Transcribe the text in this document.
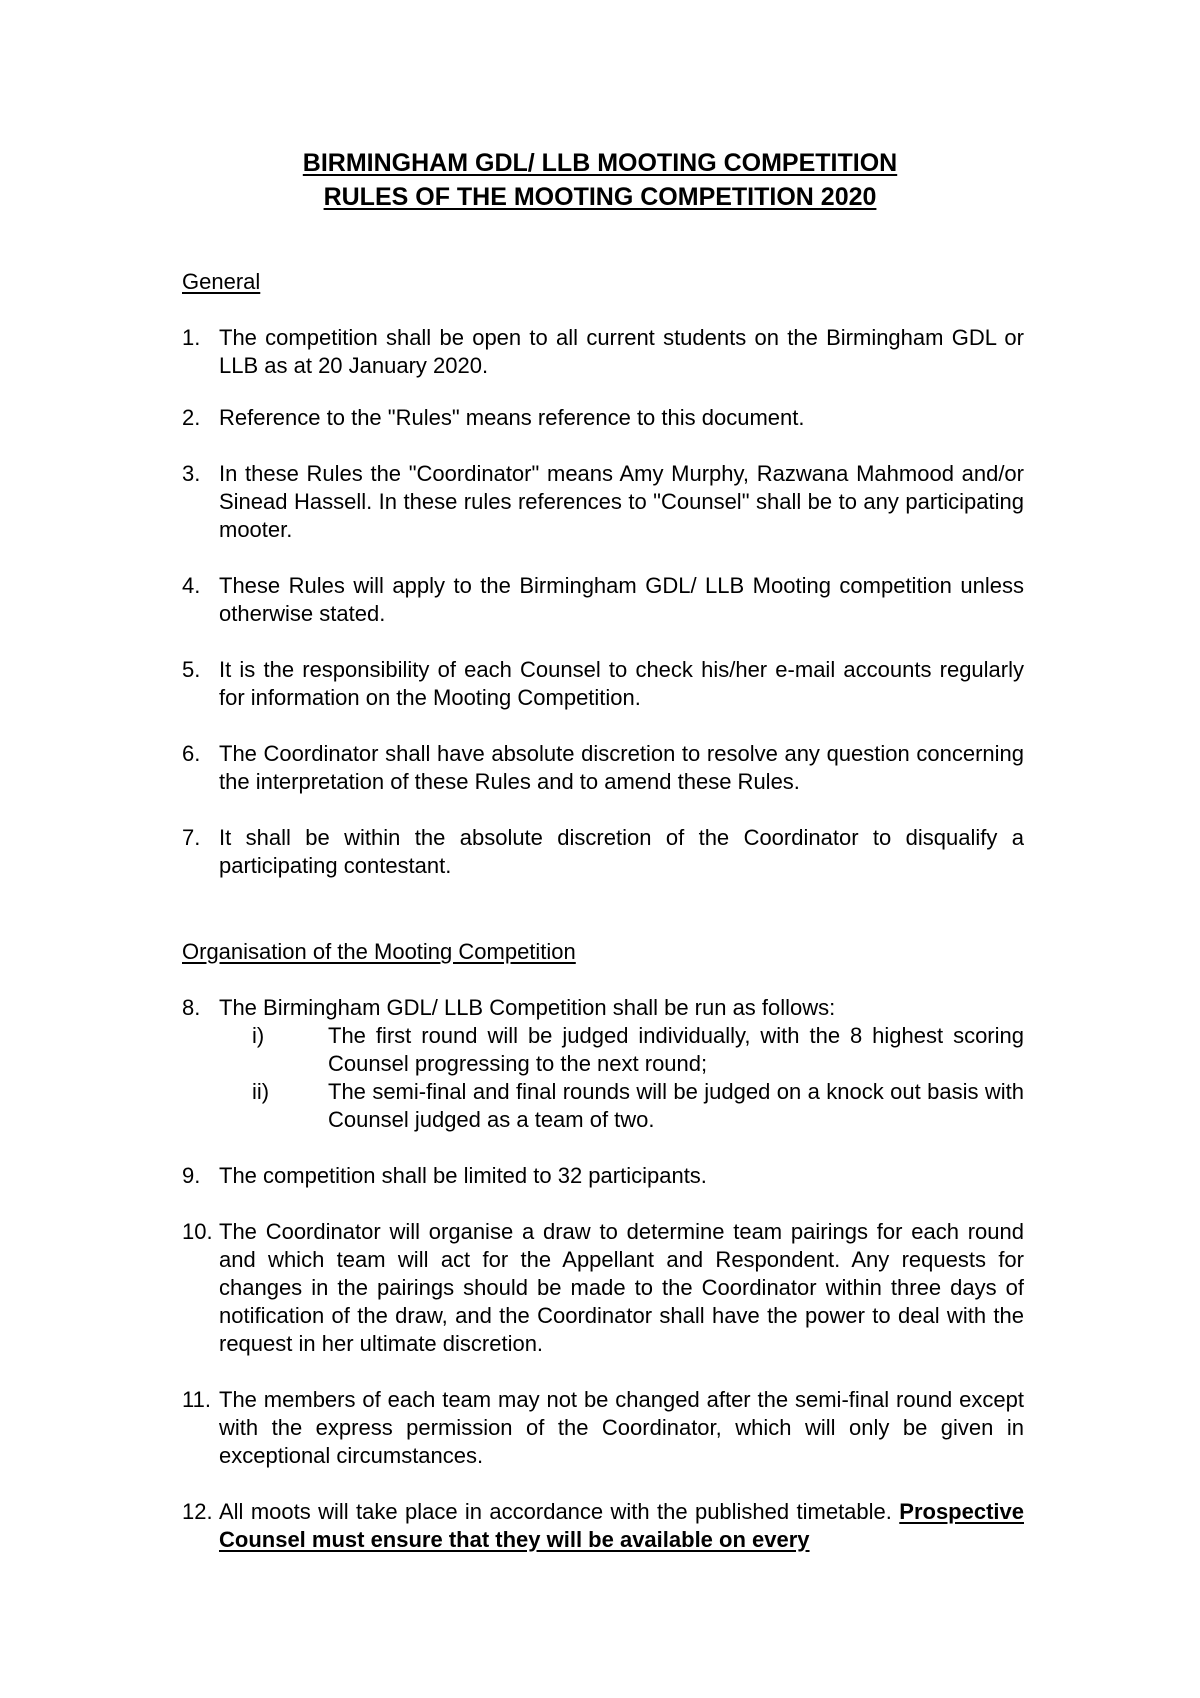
BIRMINGHAM GDL/ LLB MOOTING COMPETITION
RULES OF THE MOOTING COMPETITION 2020
General
1. The competition shall be open to all current students on the Birmingham GDL or LLB as at 20 January 2020.
2. Reference to the "Rules" means reference to this document.
3. In these Rules the "Coordinator" means Amy Murphy, Razwana Mahmood and/or Sinead Hassell. In these rules references to "Counsel" shall be to any participating mooter.
4. These Rules will apply to the Birmingham GDL/ LLB Mooting competition unless otherwise stated.
5. It is the responsibility of each Counsel to check his/her e-mail accounts regularly for information on the Mooting Competition.
6. The Coordinator shall have absolute discretion to resolve any question concerning the interpretation of these Rules and to amend these Rules.
7. It shall be within the absolute discretion of the Coordinator to disqualify a participating contestant.
Organisation of the Mooting Competition
8. The Birmingham GDL/ LLB Competition shall be run as follows:
i)	The first round will be judged individually, with the 8 highest scoring Counsel progressing to the next round;
ii)	The semi-final and final rounds will be judged on a knock out basis with Counsel judged as a team of two.
9. The competition shall be limited to 32 participants.
10. The Coordinator will organise a draw to determine team pairings for each round and which team will act for the Appellant and Respondent. Any requests for changes in the pairings should be made to the Coordinator within three days of notification of the draw, and the Coordinator shall have the power to deal with the request in her ultimate discretion.
11. The members of each team may not be changed after the semi-final round except with the express permission of the Coordinator, which will only be given in exceptional circumstances.
12. All moots will take place in accordance with the published timetable. Prospective Counsel must ensure that they will be available on every
